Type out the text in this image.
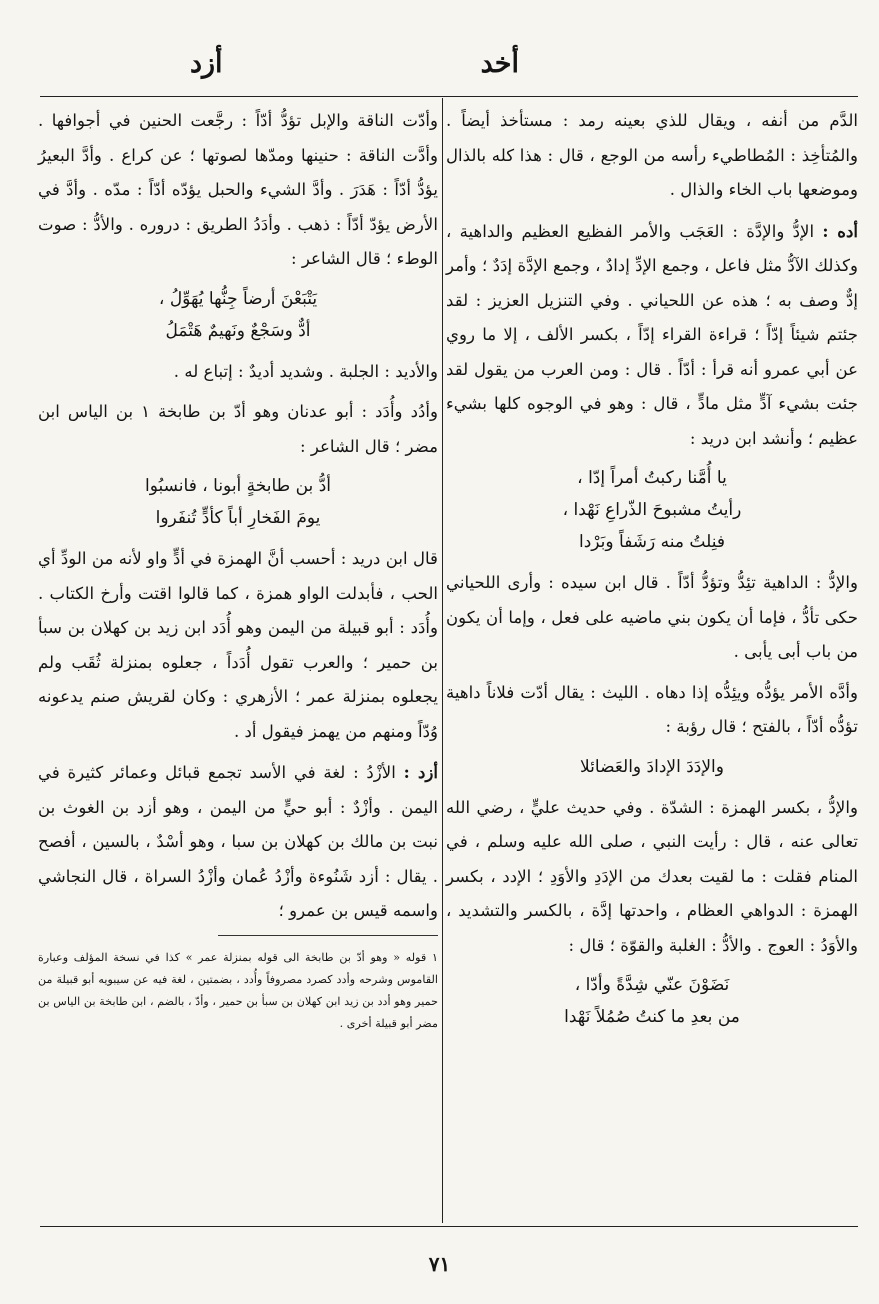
أخد
أزد

الدَّم من أنفه ، ويقال للذي بعينه رمد : مستأخذ أيضاً . والمُتأخِذ : المُطاطيء رأسه من الوجع ، قال : هذا كله بالذال وموضعها باب الخاء والذال .

أده : الإدُّ والإدَّة : العَجَب والأمر الفظيع العظيم والداهية ، وكذلك الآدُّ مثل فاعل ، وجمع الإدِّ إدادٌ ، وجمع الإدَّة إدَدٌ ؛ وأمر إدٌّ وصف به ؛ هذه عن اللحياني . وفي التنزيل العزيز : لقد جئتم شيئاً إدّاً ؛ قراءة القراء إدّاً ، بكسر الألف ، إلا ما روي عن أبي عمرو أنه قرأ : أدّاً . قال : ومن العرب من يقول لقد جئت بشيء آدٍّ مثل مادٍّ ، قال : وهو في الوجوه كلها بشيء عظيم ؛ وأنشد ابن دريد :

يا أُمَّنا ركبتُ أمراً إدّا ،
رأيتُ مشبوحَ الذّراعِ نَهْدا ،
فنِلتُ منه رَشَفاً وبَرْدا

والإدُّ : الداهية تئِدُّ وتؤدُّ أدّاً . قال ابن سيده : وأرى اللحياني حكى تأدُّ ، فإما أن يكون بني ماضيه على فعل ، وإما أن يكون من باب أبى يأبى .

وأدَّه الأمر يؤدُّه ويئِدُّه إذا دهاه . الليث : يقال أدّت فلاناً داهية تؤدُّه أدّاً ، بالفتح ؛ قال رؤبة :

والإدَدَ الإدادَ والعَضائلا

والإدُّ ، بكسر الهمزة : الشدّة . وفي حديث عليٍّ ، رضي الله تعالى عنه ، قال : رأيت النبي ، صلى الله عليه وسلم ، في المنام فقلت : ما لقيت بعدك من الإدَدِ والأوَدِ ؛ الإدد ، بكسر الهمزة : الدواهي العظام ، واحدتها إدَّة ، بالكسر والتشديد ، والأوَدُ : العوج . والأدُّ : الغلبة والقوّة ؛ قال :

نَضَوْنَ عنّي شِدَّةً وأدّا ،
من بعدِ ما كنتُ صُمُلاً نَهْدا

وأدّت الناقة والإبل تؤدُّ أدّاً : رجَّعت الحنين في أجوافها . وأدَّت الناقة : حنينها ومدّها لصوتها ؛ عن كراع . وأدَّ البعيرُ يؤدُّ أدّاً : هَدَرَ . وأدَّ الشيء والحبل يؤدّه أدّاً : مدّه . وأدَّ في الأرض يؤدّ أدّاً : ذهب . وأدَدُ الطريق : دروره . والأدُّ : صوت الوطء ؛ قال الشاعر :

يَتْبَعْنَ أرضاً جِنُّها يُهَوِّلُ ،
أدٌّ وسَجْعٌ ونَهيمٌ هَتْمَلُ

والأديد : الجلبة . وشديد أديدٌ : إتباع له .

وأدُد وأُدَد : أبو عدنان وهو أدّ بن طابخة ١ بن الياس ابن مضر ؛ قال الشاعر :

أدُّ بن طابخةٍ أبونا ، فانسبُوا
يومَ الفَخارِ أباً كأدٍّ تُنفَروا

قال ابن دريد : أحسب أنَّ الهمزة في أدٍّ واو لأنه من الودِّ أي الحب ، فأبدلت الواو همزة ، كما قالوا اقتت وأرخ الكتاب . وأُدَد : أبو قبيلة من اليمن وهو أُدَد ابن زيد بن كهلان بن سبأ بن حمير ؛ والعرب تقول أُدَداً ، جعلوه بمنزلة ثُقَب ولم يجعلوه بمنزلة عمر ؛ الأزهري : وكان لقريش صنم يدعونه وُدّاً ومنهم من يهمز فيقول أد .

أزد : الأزْدُ : لغة في الأسد تجمع قبائل وعمائر كثيرة في اليمن . وأزْدٌ : أبو حيٍّ من اليمن ، وهو أزد بن الغوث بن نبت بن مالك بن كهلان بن سبا ، وهو أسْدٌ ، بالسين ، أفصح . يقال : أزد شَنُوءة وأزْدُ عُمان وأزْدُ السراة ، قال النجاشي واسمه قيس بن عمرو ؛

١ قوله « وهو أدّ بن طابخة الى قوله بمنزلة عمر » كذا في نسخة المؤلف وعبارة القاموس وشرحه وأدد كصرد مصروفاً وأُدد ، بضمتين ، لغة فيه عن سيبويه أبو قبيلة من حمير وهو أدد بن زيد ابن كهلان بن سبأ بن حمير ، وأدّ ، بالضم ، ابن طابخة بن الياس بن مضر أبو قبيلة أخرى .

٧١
